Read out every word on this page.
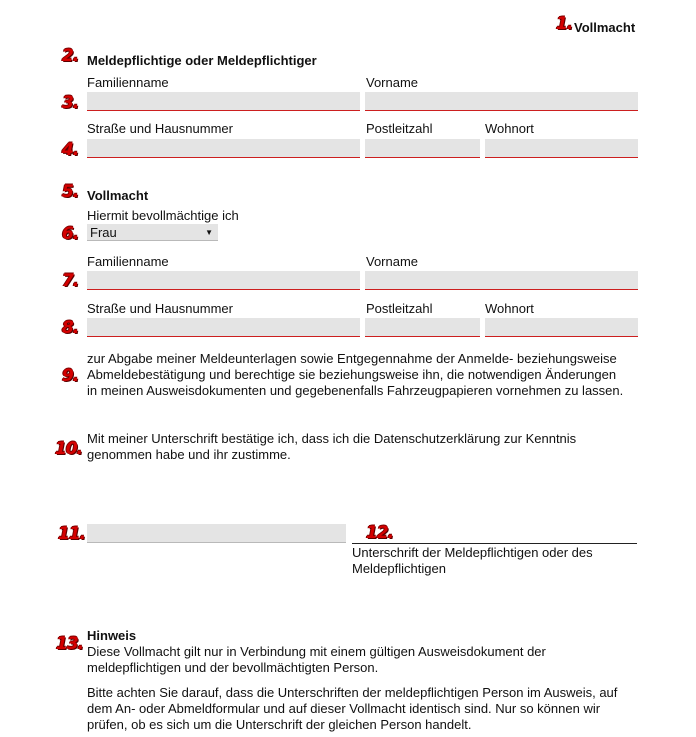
1.
2.
3.
4.
5.
6.
7.
8.
9.
10.
11.	12.
13.
Vollmacht
Meldepflichtige oder Meldepflichtiger
Familienname	Vorname
Straße und Hausnummer	Postleitzahl	Wohnort
Vollmacht
Hiermit bevollmächtige ich
Frau	▼
Familienname	Vorname
Straße und Hausnummer	Postleitzahl	Wohnort
zur Abgabe meiner Meldeunterlagen sowie Entgegennahme der Anmelde- beziehungsweise
Abmeldebestätigung und berechtige sie beziehungsweise ihn, die notwendigen Änderungen
in meinen Ausweisdokumenten und gegebenenfalls Fahrzeugpapieren vornehmen zu lassen.
Mit meiner Unterschrift bestätige ich, dass ich die Datenschutzerklärung zur Kenntnis
genommen habe und ihr zustimme.
Unterschrift der Meldepflichtigen oder des
Meldepflichtigen
Hinweis
Diese Vollmacht gilt nur in Verbindung mit einem gültigen Ausweisdokument der
meldepflichtigen und der bevollmächtigten Person.
Bitte achten Sie darauf, dass die Unterschriften der meldepflichtigen Person im Ausweis, auf
dem An- oder Abmeldformular und auf dieser Vollmacht identisch sind. Nur so können wir
prüfen, ob es sich um die Unterschrift der gleichen Person handelt.
